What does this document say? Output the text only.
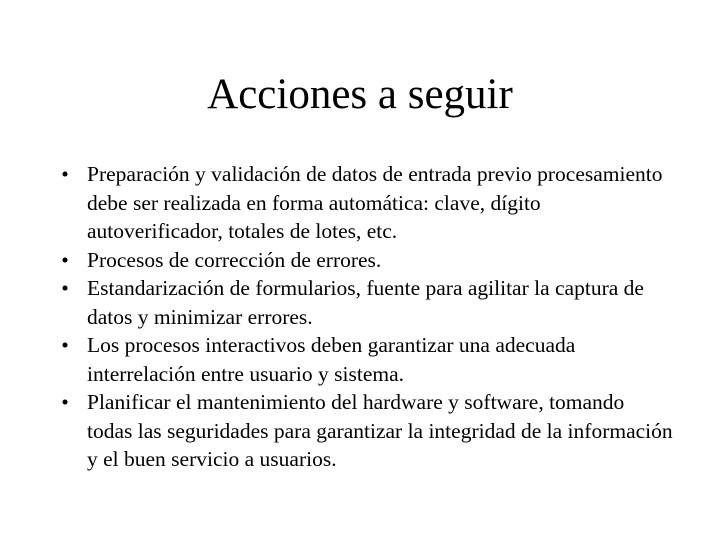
Acciones a seguir
• Preparación y validación de datos de entrada previo procesamiento debe ser realizada en forma automática: clave, dígito autoverificador, totales de lotes, etc.
• Procesos de corrección de errores.
• Estandarización de formularios, fuente para agilitar la captura de datos y minimizar errores.
• Los procesos interactivos deben garantizar una adecuada interrelación entre usuario y sistema.
• Planificar el mantenimiento del hardware y software, tomando todas las seguridades para garantizar la integridad de la información y el buen servicio a usuarios.
